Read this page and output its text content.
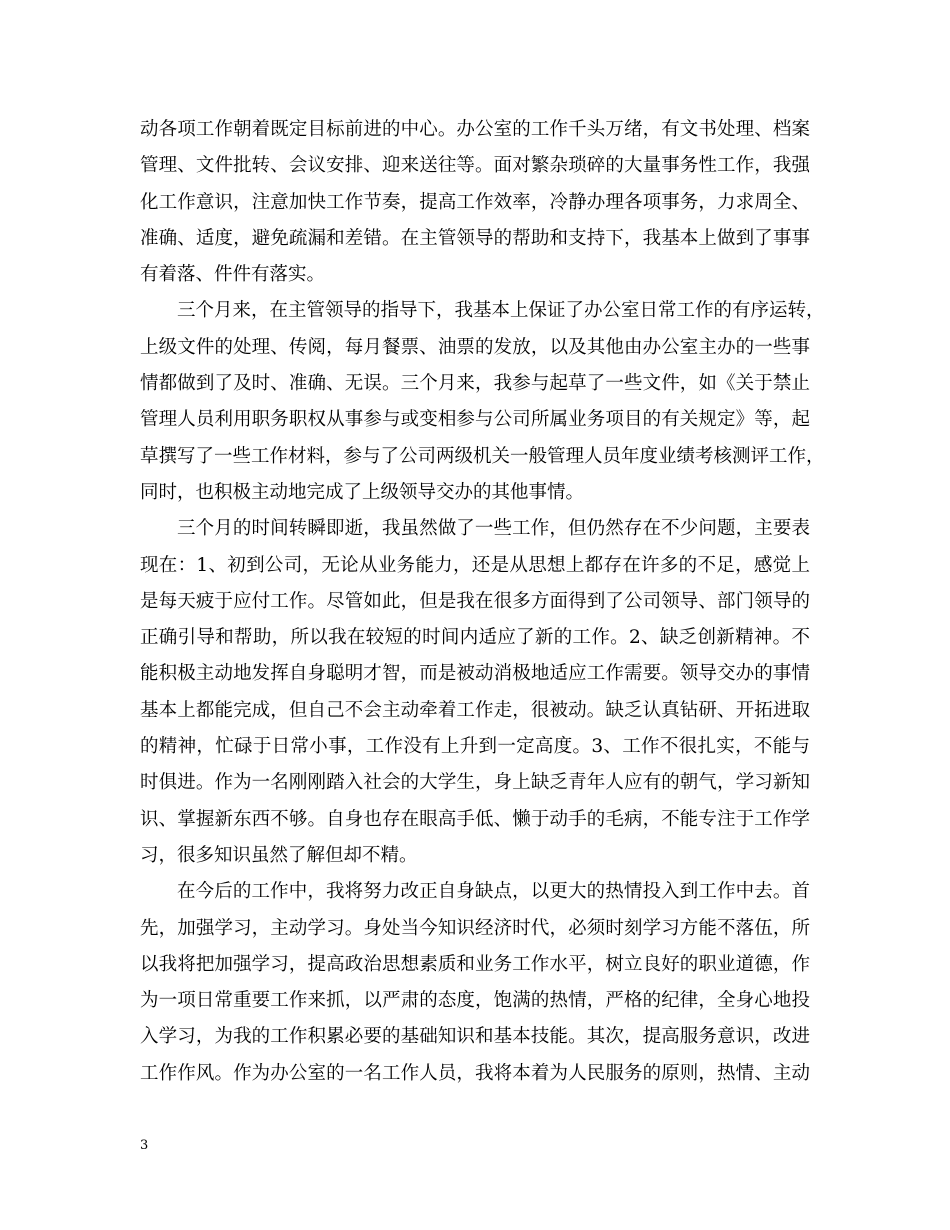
动各项工作朝着既定目标前进的中心。办公室的工作千头万绪，有文书处理、档案
管理、文件批转、会议安排、迎来送往等。面对繁杂琐碎的大量事务性工作，我强
化工作意识，注意加快工作节奏，提高工作效率，冷静办理各项事务，力求周全、
准确、适度，避免疏漏和差错。在主管领导的帮助和支持下，我基本上做到了事事
有着落、件件有落实。
三个月来，在主管领导的指导下，我基本上保证了办公室日常工作的有序运转，
上级文件的处理、传阅，每月餐票、油票的发放，以及其他由办公室主办的一些事
情都做到了及时、准确、无误。三个月来，我参与起草了一些文件，如《关于禁止
管理人员利用职务职权从事参与或变相参与公司所属业务项目的有关规定》等，起
草撰写了一些工作材料，参与了公司两级机关一般管理人员年度业绩考核测评工作，
同时，也积极主动地完成了上级领导交办的其他事情。
三个月的时间转瞬即逝，我虽然做了一些工作，但仍然存在不少问题，主要表
现在：1、初到公司，无论从业务能力，还是从思想上都存在许多的不足，感觉上
是每天疲于应付工作。尽管如此，但是我在很多方面得到了公司领导、部门领导的
正确引导和帮助，所以我在较短的时间内适应了新的工作。2、缺乏创新精神。不
能积极主动地发挥自身聪明才智，而是被动消极地适应工作需要。领导交办的事情
基本上都能完成，但自己不会主动牵着工作走，很被动。缺乏认真钻研、开拓进取
的精神，忙碌于日常小事，工作没有上升到一定高度。3、工作不很扎实，不能与
时俱进。作为一名刚刚踏入社会的大学生，身上缺乏青年人应有的朝气，学习新知
识、掌握新东西不够。自身也存在眼高手低、懒于动手的毛病，不能专注于工作学
习，很多知识虽然了解但却不精。
在今后的工作中，我将努力改正自身缺点，以更大的热情投入到工作中去。首
先，加强学习，主动学习。身处当今知识经济时代，必须时刻学习方能不落伍，所
以我将把加强学习，提高政治思想素质和业务工作水平，树立良好的职业道德，作
为一项日常重要工作来抓，以严肃的态度，饱满的热情，严格的纪律，全身心地投
入学习，为我的工作积累必要的基础知识和基本技能。其次，提高服务意识，改进
工作作风。作为办公室的一名工作人员，我将本着为人民服务的原则，热情、主动
3
